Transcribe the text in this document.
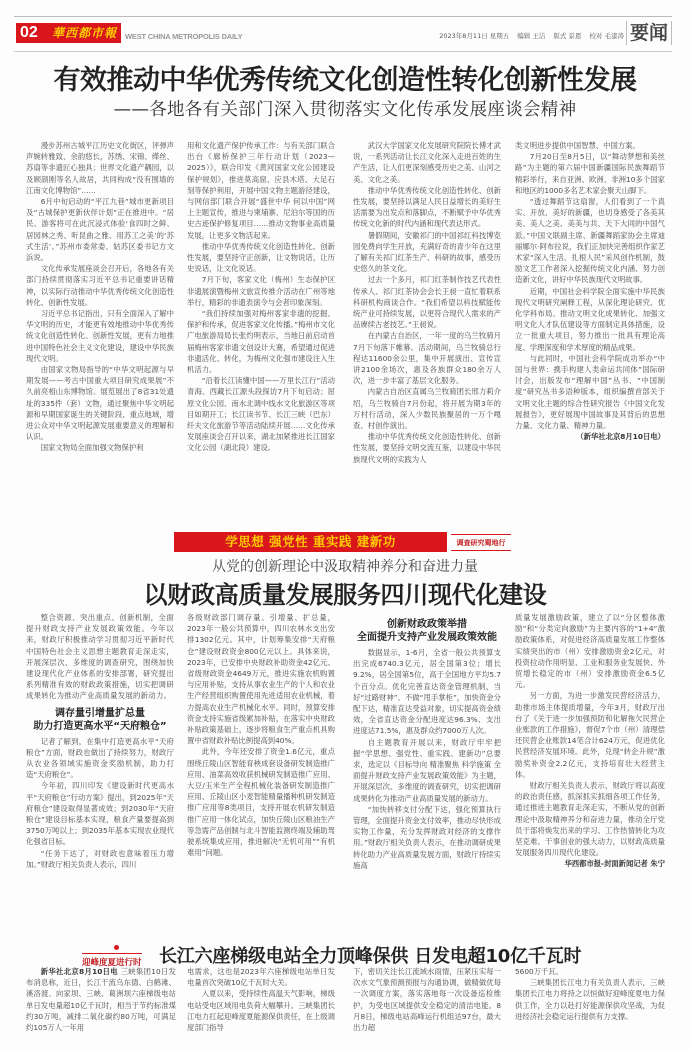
02	華西都市報	WEST CHINA METROPOLIS DAILY	2023年8月11日 星期五 编辑 王洁 版式 景恩 校对 毛漆涛 要闻
有效推动中华优秀传统文化创造性转化创新性发展
——各地各有关部门深入贯彻落实文化传承发展座谈会精神

漫步苏州古城平江历史文化街区，评弹声声婉转雅致、余韵悠长，苏绣、宋锦、缂丝、苏扇等非遗匠心独具；世界文化遗产耦园，以及顾颉刚等名人故居，共同构成“没有围墙的江南文化博物馆”……

6月中旬启动的“平江九巷”城市更新项目及“古城保护更新伙伴计划”正在推进中。“居民、游客将可在此沉浸式体验‘食四时之鲜、居园林之秀、听昆曲之雅、用苏工之美’的‘苏式生活’。”苏州市委常委、姑苏区委书记方文浜说。

文化传承发展座谈会召开后，各地各有关部门持续贯彻落实习近平总书记重要讲话精神，以实际行动推动中华优秀传统文化创造性转化、创新性发展。

习近平总书记指出，只有全面深入了解中华文明的历史，才能更有效地推动中华优秀传统文化创造性转化、创新性发展，更有力地推进中国特色社会主义文化建设，建设中华民族现代文明。

由国家文物局指导的“中华文明起源与早期发展——考古中国重大项目研究成果展”不久前亮相山东博物馆。展览展出了8省31处遗址的335件（套）文物，通过聚焦中华文明起源和早期国家诞生的关键阶段、重点地域，增进公众对中华文明起源发展重要意义的理解和认识。

国家文物局全面加强文物保护利

用和文化遗产保护传承工作：与有关部门联合出台《廊桥保护三年行动计划（2023—2025）》，联合印发《黄河国家文化公园建设保护规划》，推进莫高窟、应县木塔、大足石刻等保护利用，开展中国文物主题游径建设，与网信部门联合开展“盛世中华 何以中国”网上主题宣传，推进与柬埔寨、尼泊尔等国的历史古迹保护修复项目……推动文物事业高质量发展，让更多文物活起来。

推动中华优秀传统文化创造性转化、创新性发展，要坚持守正创新，让文物说话，让历史说话，让文化说话。

7月下旬，客家文化（梅州）生态保护区非遗展演暨梅州文旅宣传推介活动在广州等地举行，精彩的非遗表演令与会者印象深刻。

“我们持续加强对梅州客家非遗的挖掘、保护和传承，促进客家文化传播。”梅州市文化广电旅游局局长张灼明表示，当地日前启动首届梅州客家非遗文创设计大赛，希望通过促进非遗活化、转化，为梅州文化强市建设注入生机活力。

“沿着长江读懂中国——万里长江行”活动青海、西藏长江源头段探访7月下旬启动；屈原文化公园、南水北调中线水文化旅游区等项目如期开工；长江读书节、长江三峡（巴东）纤夫文化旅游节等活动陆续开展……文化传承发展座谈会召开以来，湖北加紧推进长江国家文化公园（湖北段）建设。

武汉大学国家文化发展研究院院长傅才武说，一系列活动让长江文化深入走进百姓的生产生活，让人们更深刻感受历史之美、山河之美、文化之美。

推动中华优秀传统文化创造性转化、创新性发展，要坚持以满足人民日益增长的美好生活需要为出发点和落脚点，不断赋予中华优秀传统文化新的时代内涵和现代表达形式。

暑假期间，安徽祁门的中国祁红科技博览园免费向学生开放，充满好奇的青少年在这里了解有关祁门红茶生产、科研的故事，感受历史悠久的茶文化。

过去一个多月，祁门红茶制作技艺代表性传承人、祁门红茶协会会长王昶一直忙着联系科研机构商谈合作。“我们希望以科技赋能传统产业可持续发展，以更符合现代人需求的产品赓续古老技艺。”王昶说。

在内蒙古自治区，一年一度的乌兰牧骑月7月下旬落下帷幕。活动期间，乌兰牧骑总行程达11600余公里，集中开展演出、宣传宣讲2100余场次，惠及各族群众180余万人次，进一步丰富了基层文化服务。

内蒙古自治区直属乌兰牧骑团长邢力莉介绍，乌兰牧骑自7月份起，将开展为期3年的万村行活动，深入少数民族聚居的一万个嘎查、村创作演出。

推动中华优秀传统文化创造性转化、创新性发展，要坚持文明交流互鉴，以建设中华民族现代文明的实践为人

类文明进步提供中国智慧、中国方案。

7月20日至8月5日，以“舞动梦想和美丝路”为主题的第六届中国新疆国际民族舞蹈节精彩举行，来自亚洲、欧洲、非洲10多个国家和地区的1000多名艺术家会聚天山脚下。

“透过舞蹈节这扇窗，人们看到了一个真实、开放、美好的新疆，也切身感受了各美其美、美人之美、美美与共、天下大同的中国气派。”中国文联副主席、新疆舞蹈家协会主席迪丽娜尔·阿布拉说，我们正加快完善组织作家艺术家“深入生活、扎根人民”采风创作机制，鼓励文艺工作者深入挖掘传统文化内涵、努力创造新文化，讲好中华民族现代文明故事。

近期，中国社会科学院全面实施中华民族现代文明研究阐释工程，从深化理论研究、优化学科布局、推动文明文化成果转化、加强文明文化人才队伍建设等方面制定具体措施，设立一批重大项目，努力推出一批具有理论高度、学理深度和学术厚度的精品成果。

与此同时，中国社会科学院成功举办“中国与世界：携手构建人类命运共同体”国际研讨会，出版发布“理解中国”丛书、“中国制度”研究丛书多语种版本，组织编撰首部关于文明文化主题的综合性研究报告《中国文化发展报告》，更好展现中国故事及其背后的思想力量、文化力量、精神力量。

（新华社北京8月10日电）
学思想 强党性 重实践 建新功	调查研究蜀地行
从党的创新理论中汲取精神养分和奋进力量
以财政高质量发展服务四川现代化建设

整合资源、突出重点、创新机制，全面提升财政支持产业发展政策效能。今年以来，财政厅积极推动学习贯彻习近平新时代中国特色社会主义思想主题教育走深走实，开展深层次、多维度的调查研究，围绕加快建设现代化产业体系的安排部署，研究提出系列精准有效的财政政策措施，切实把调研成果转化为推动产业高质量发展的新动力。

调存量引增量扩总量
助力打造更高水平“天府粮仓”

记者了解到，在集中打造更高水平“天府粮仓”方面，财政也做出了持续努力，财政厅从农业各领域实施资金奖励机制，助力打造“天府粮仓”。

今年初，四川印发《建设新时代更高水平“天府粮仓”行动方案》提出，到2025年“天府粮仓”建设取得显著成效；到2030年“天府粮仓”建设目标基本实现，粮食产量要提高到3750万吨以上；到2035年基本实现农业现代化强省目标。

“任务下达了，对财政也意味着压力增加。”财政厅相关负责人表示，四川

各级财政部门调存量、引增量、扩总量，2023年一般公共预算中，四川农林水支出安排1302亿元。其中，计划筹集安排“天府粮仓”建设财政资金800亿元以上。具体来说，2023年，已安排中央财政补助资金42亿元、省级财政资金4649万元，推进实施农机购置与应用补贴，支持从事农业生产的个人和农业生产经营组织购置使用先进适用农业机械，着力提高农业生产机械化水平。同时，预算安排资金支持实施省级累加补贴，在落实中央财政补贴政策基础上，逐步将粮食生产重点机具购置中省财政补贴比例提高到40%。

此外，今年还安排了资金1.6亿元，重点围绕丘陵山区智能育秧成套设备研发制造推广应用、油菜高效收获机械研发制造推广应用、大豆/玉米生产全程机械化装备研发制造推广应用、丘陵山区小麦智能精量播种机研发制造推广应用等8类项目，支持开展农机研发制造推广应用一体化试点，加快丘陵山区粮油生产等急需产品创制与北斗智能监测终端及辅助驾驶系统集成应用，推进解决“无机可用”“有机难用”问题。

创新财政政策举措
全面提升支持产业发展政策效能

数据显示，1-6月，全省一般公共预算支出完成6740.3亿元，居全国第3位；增长9.2%，居全国第5位，高于全国地方平均5.7个百分点。优化完善直达资金管理机制，当好“过路财神”、不做“甩手掌柜”，加快资金分配下达，精准直达受益对象，切实提高资金绩效，全省直达资金分配进度达96.3%、支出进度达71.5%，惠及群众约7000万人次。

自主题教育开展以来，财政厅牢牢把握“学思想、强党性、重实践、建新功”总要求，选定以《目标导向 精准聚焦 科学施策 全面提升财政支持产业发展政策效能》为主题，开展深层次、多维度的调查研究，切实把调研成果转化为推动产业高质量发展的新动力。

“加快转移支付分配下达，强化预算执行管理，全面提升资金支付效率，推动尽快形成实物工作量，充分发挥财政对经济的支撑作用。”财政厅相关负责人表示，在推动调研成果转化助力产业高质量发展方面，财政厅持续实施高

质量发展激励政策，建立了以“分区整体激励”和“分类定向激励”为主要内容的“1+4”激励政策体系，对促进经济高质量发展工作整体实绩突出的市（州）安排激励资金2亿元，对投资拉动作用明显、工业和服务业发展快、外贸增长稳定的市（州）安排激励资金6.5亿元。

另一方面，为进一步激发民营经济活力，助推市场主体提质增量，今年3月，财政厅出台了《关于进一步加强预防和化解拖欠民营企业账款的工作措施》，督促7个市（州）清理偿还民营企业账款14笔合计624万元，促进优化民营经济发展环境。此外，兑现“转企升规”激励奖补资金2.2亿元，支持培育壮大经营主体。

财政厅相关负责人表示，财政厅将以高度的政治责任感，抓深抓实抓细各项工作任务，通过推进主题教育走深走实，不断从党的创新理论中汲取精神养分和奋进力量，推动全厅党员干部将焕发出来的学习、工作热情转化为攻坚克难、干事创业的强大动力，以财政高质量发展服务四川现代化建设。

华西都市报-封面新闻记者 朱宁
迎峰度夏进行时 长江六座梯级电站全力顶峰保供 日发电超10亿千瓦时

新华社北京8月10日电 三峡集团10日发布消息称，近日，长江干流乌东德、白鹤滩、溪洛渡、向家坝、三峡、葛洲坝六座梯级电站单日发电量超10亿千瓦时，相当于节约标准煤约30万吨，减排二氧化碳约80万吨，可满足约105万人一年用

电需求，这也是2023年六座梯级电站单日发电量首次突破10亿千瓦时大关。

入夏以来，受持续性高温天气影响，梯级电站受电区域用电负荷大幅攀升。三峡集团长江电力扛起迎峰度夏能源保供责任，在上级调度部门指导

下，密切关注长江流域水雨情，压紧压实每一次水文气象预测预报与沟通协调，做精做优每一次调度方案，落实落地每一次设备巡检维护，为受电区域提供安全稳定的清洁电能。8月8日，梯级电站高峰运行机组达97台，最大出力超

5600万千瓦。

三峡集团长江电力有关负责人表示，三峡集团长江电力将持之以恒做好迎峰度夏电力保供工作，全力以赴打好能源保供攻坚战，为促进经济社会稳定运行提供有力支撑。
